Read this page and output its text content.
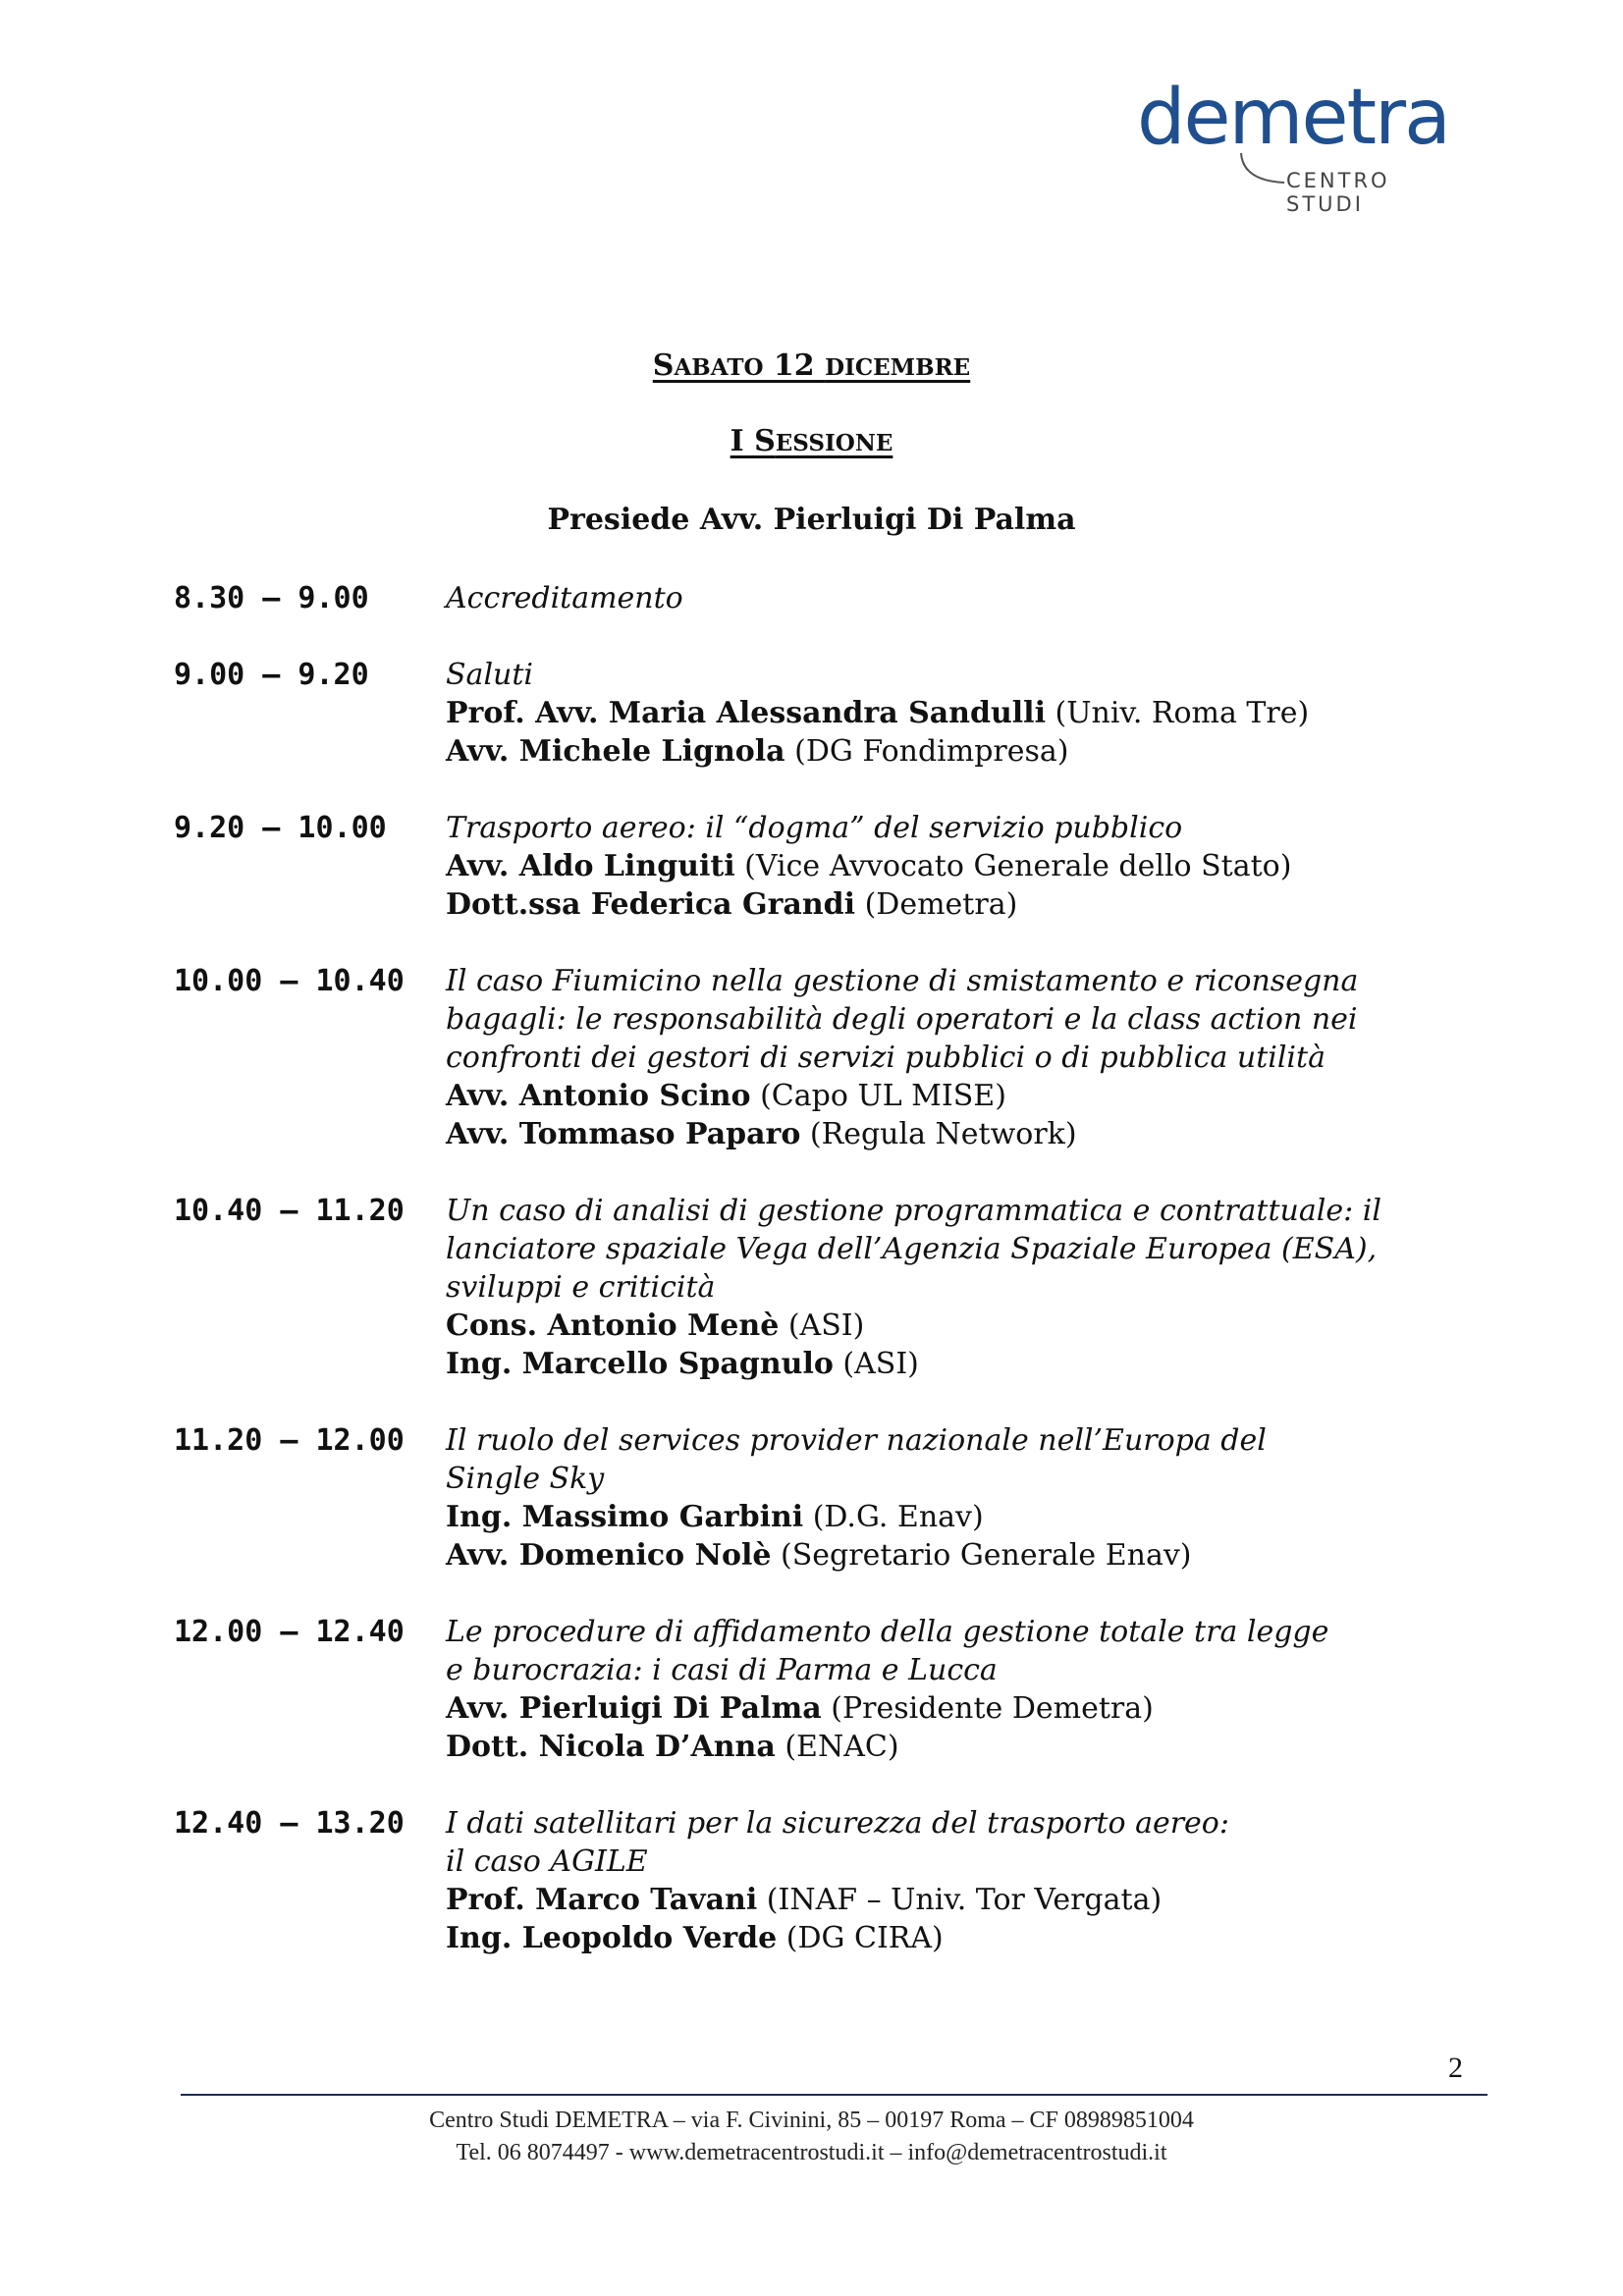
demetra
CENTRO STUDI
SABATO 12 DICEMBRE
I SESSIONE
Presiede Avv. Pierluigi Di Palma
8.30 – 9.00	Accreditamento
9.00 – 9.20	Saluti
Prof. Avv. Maria Alessandra Sandulli (Univ. Roma Tre)
Avv. Michele Lignola (DG Fondimpresa)
9.20 – 10.00	Trasporto aereo: il “dogma” del servizio pubblico
Avv. Aldo Linguiti (Vice Avvocato Generale dello Stato)
Dott.ssa Federica Grandi (Demetra)
10.00 – 10.40	Il caso Fiumicino nella gestione di smistamento e riconsegna
bagagli: le responsabilità degli operatori e la class action nei
confronti dei gestori di servizi pubblici o di pubblica utilità
Avv. Antonio Scino (Capo UL MISE)
Avv. Tommaso Paparo (Regula Network)
10.40 – 11.20	Un caso di analisi di gestione programmatica e contrattuale: il
lanciatore spaziale Vega dell’Agenzia Spaziale Europea (ESA),
sviluppi e criticità
Cons. Antonio Menè (ASI)
Ing. Marcello Spagnulo (ASI)
11.20 – 12.00	Il ruolo del services provider nazionale nell’Europa del
Single Sky
Ing. Massimo Garbini (D.G. Enav)
Avv. Domenico Nolè (Segretario Generale Enav)
12.00 – 12.40	Le procedure di affidamento della gestione totale tra legge
e burocrazia: i casi di Parma e Lucca
Avv. Pierluigi Di Palma (Presidente Demetra)
Dott. Nicola D’Anna (ENAC)
12.40 – 13.20	I dati satellitari per la sicurezza del trasporto aereo:
il caso AGILE
Prof. Marco Tavani (INAF – Univ. Tor Vergata)
Ing. Leopoldo Verde (DG CIRA)
2
Centro Studi DEMETRA – via F. Civinini, 85 – 00197 Roma – CF 08989851004
Tel. 06 8074497 - www.demetracentrostudi.it – info@demetracentrostudi.it
